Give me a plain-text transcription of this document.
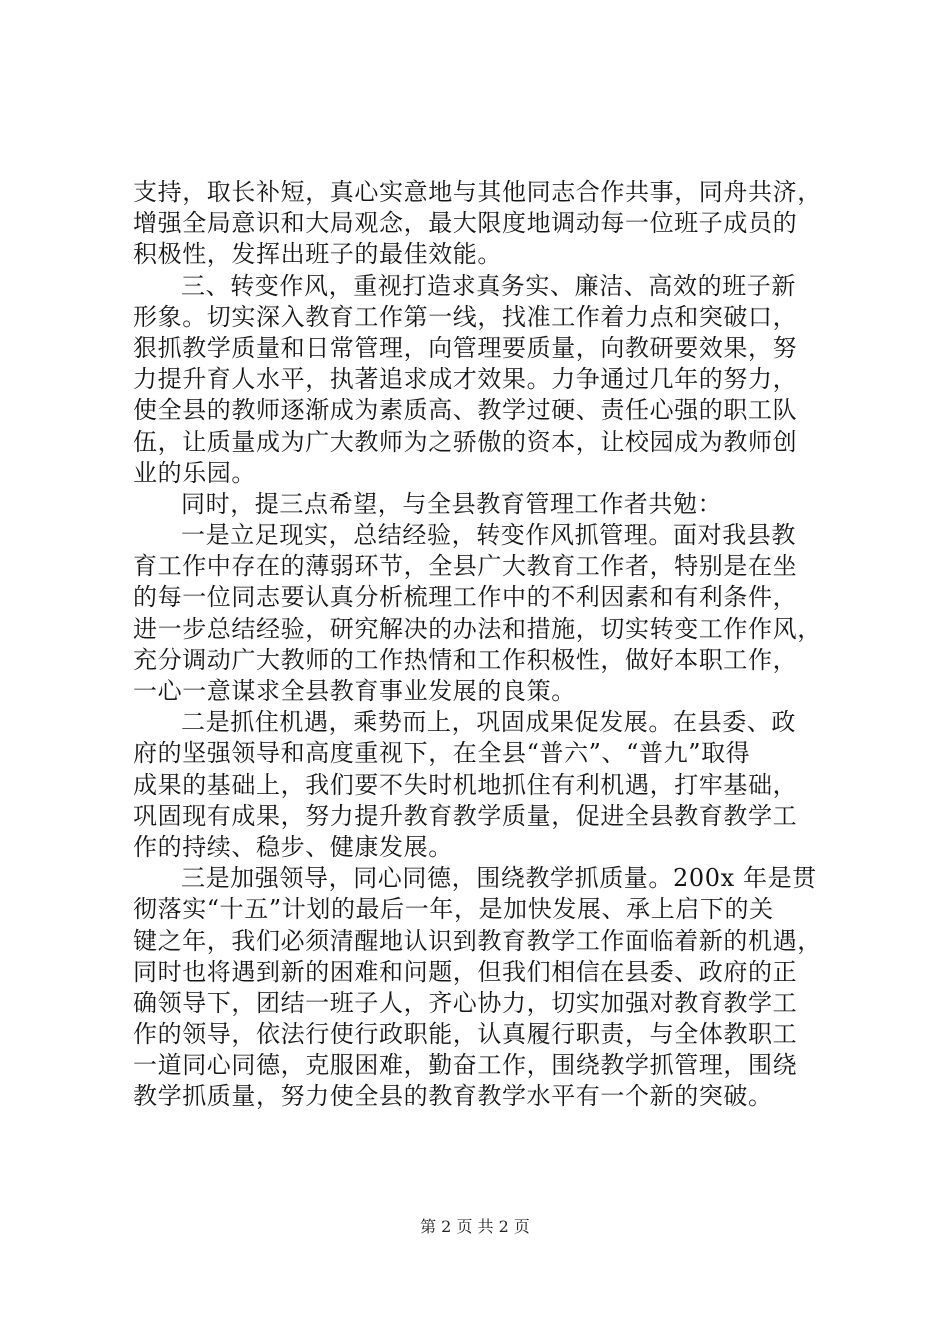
支持，取长补短，真心实意地与其他同志合作共事，同舟共济，
增强全局意识和大局观念，最大限度地调动每一位班子成员的
积极性，发挥出班子的最佳效能。
三、转变作风，重视打造求真务实、廉洁、高效的班子新
形象。切实深入教育工作第一线，找准工作着力点和突破口，
狠抓教学质量和日常管理，向管理要质量，向教研要效果，努
力提升育人水平，执著追求成才效果。力争通过几年的努力，
使全县的教师逐渐成为素质高、教学过硬、责任心强的职工队
伍，让质量成为广大教师为之骄傲的资本，让校园成为教师创
业的乐园。
同时，提三点希望，与全县教育管理工作者共勉：
一是立足现实，总结经验，转变作风抓管理。面对我县教
育工作中存在的薄弱环节，全县广大教育工作者，特别是在坐
的每一位同志要认真分析梳理工作中的不利因素和有利条件，
进一步总结经验，研究解决的办法和措施，切实转变工作作风，
充分调动广大教师的工作热情和工作积极性，做好本职工作，
一心一意谋求全县教育事业发展的良策。
二是抓住机遇，乘势而上，巩固成果促发展。在县委、政
府的坚强领导和高度重视下，在全县“普六”、“普九”取得
成果的基础上，我们要不失时机地抓住有利机遇，打牢基础，
巩固现有成果，努力提升教育教学质量，促进全县教育教学工
作的持续、稳步、健康发展。
三是加强领导，同心同德，围绕教学抓质量。200x 年是贯
彻落实“十五”计划的最后一年，是加快发展、承上启下的关
键之年，我们必须清醒地认识到教育教学工作面临着新的机遇，
同时也将遇到新的困难和问题，但我们相信在县委、政府的正
确领导下，团结一班子人，齐心协力，切实加强对教育教学工
作的领导，依法行使行政职能，认真履行职责，与全体教职工
一道同心同德，克服困难，勤奋工作，围绕教学抓管理，围绕
教学抓质量，努力使全县的教育教学水平有一个新的突破。
第 2 页 共 2 页
